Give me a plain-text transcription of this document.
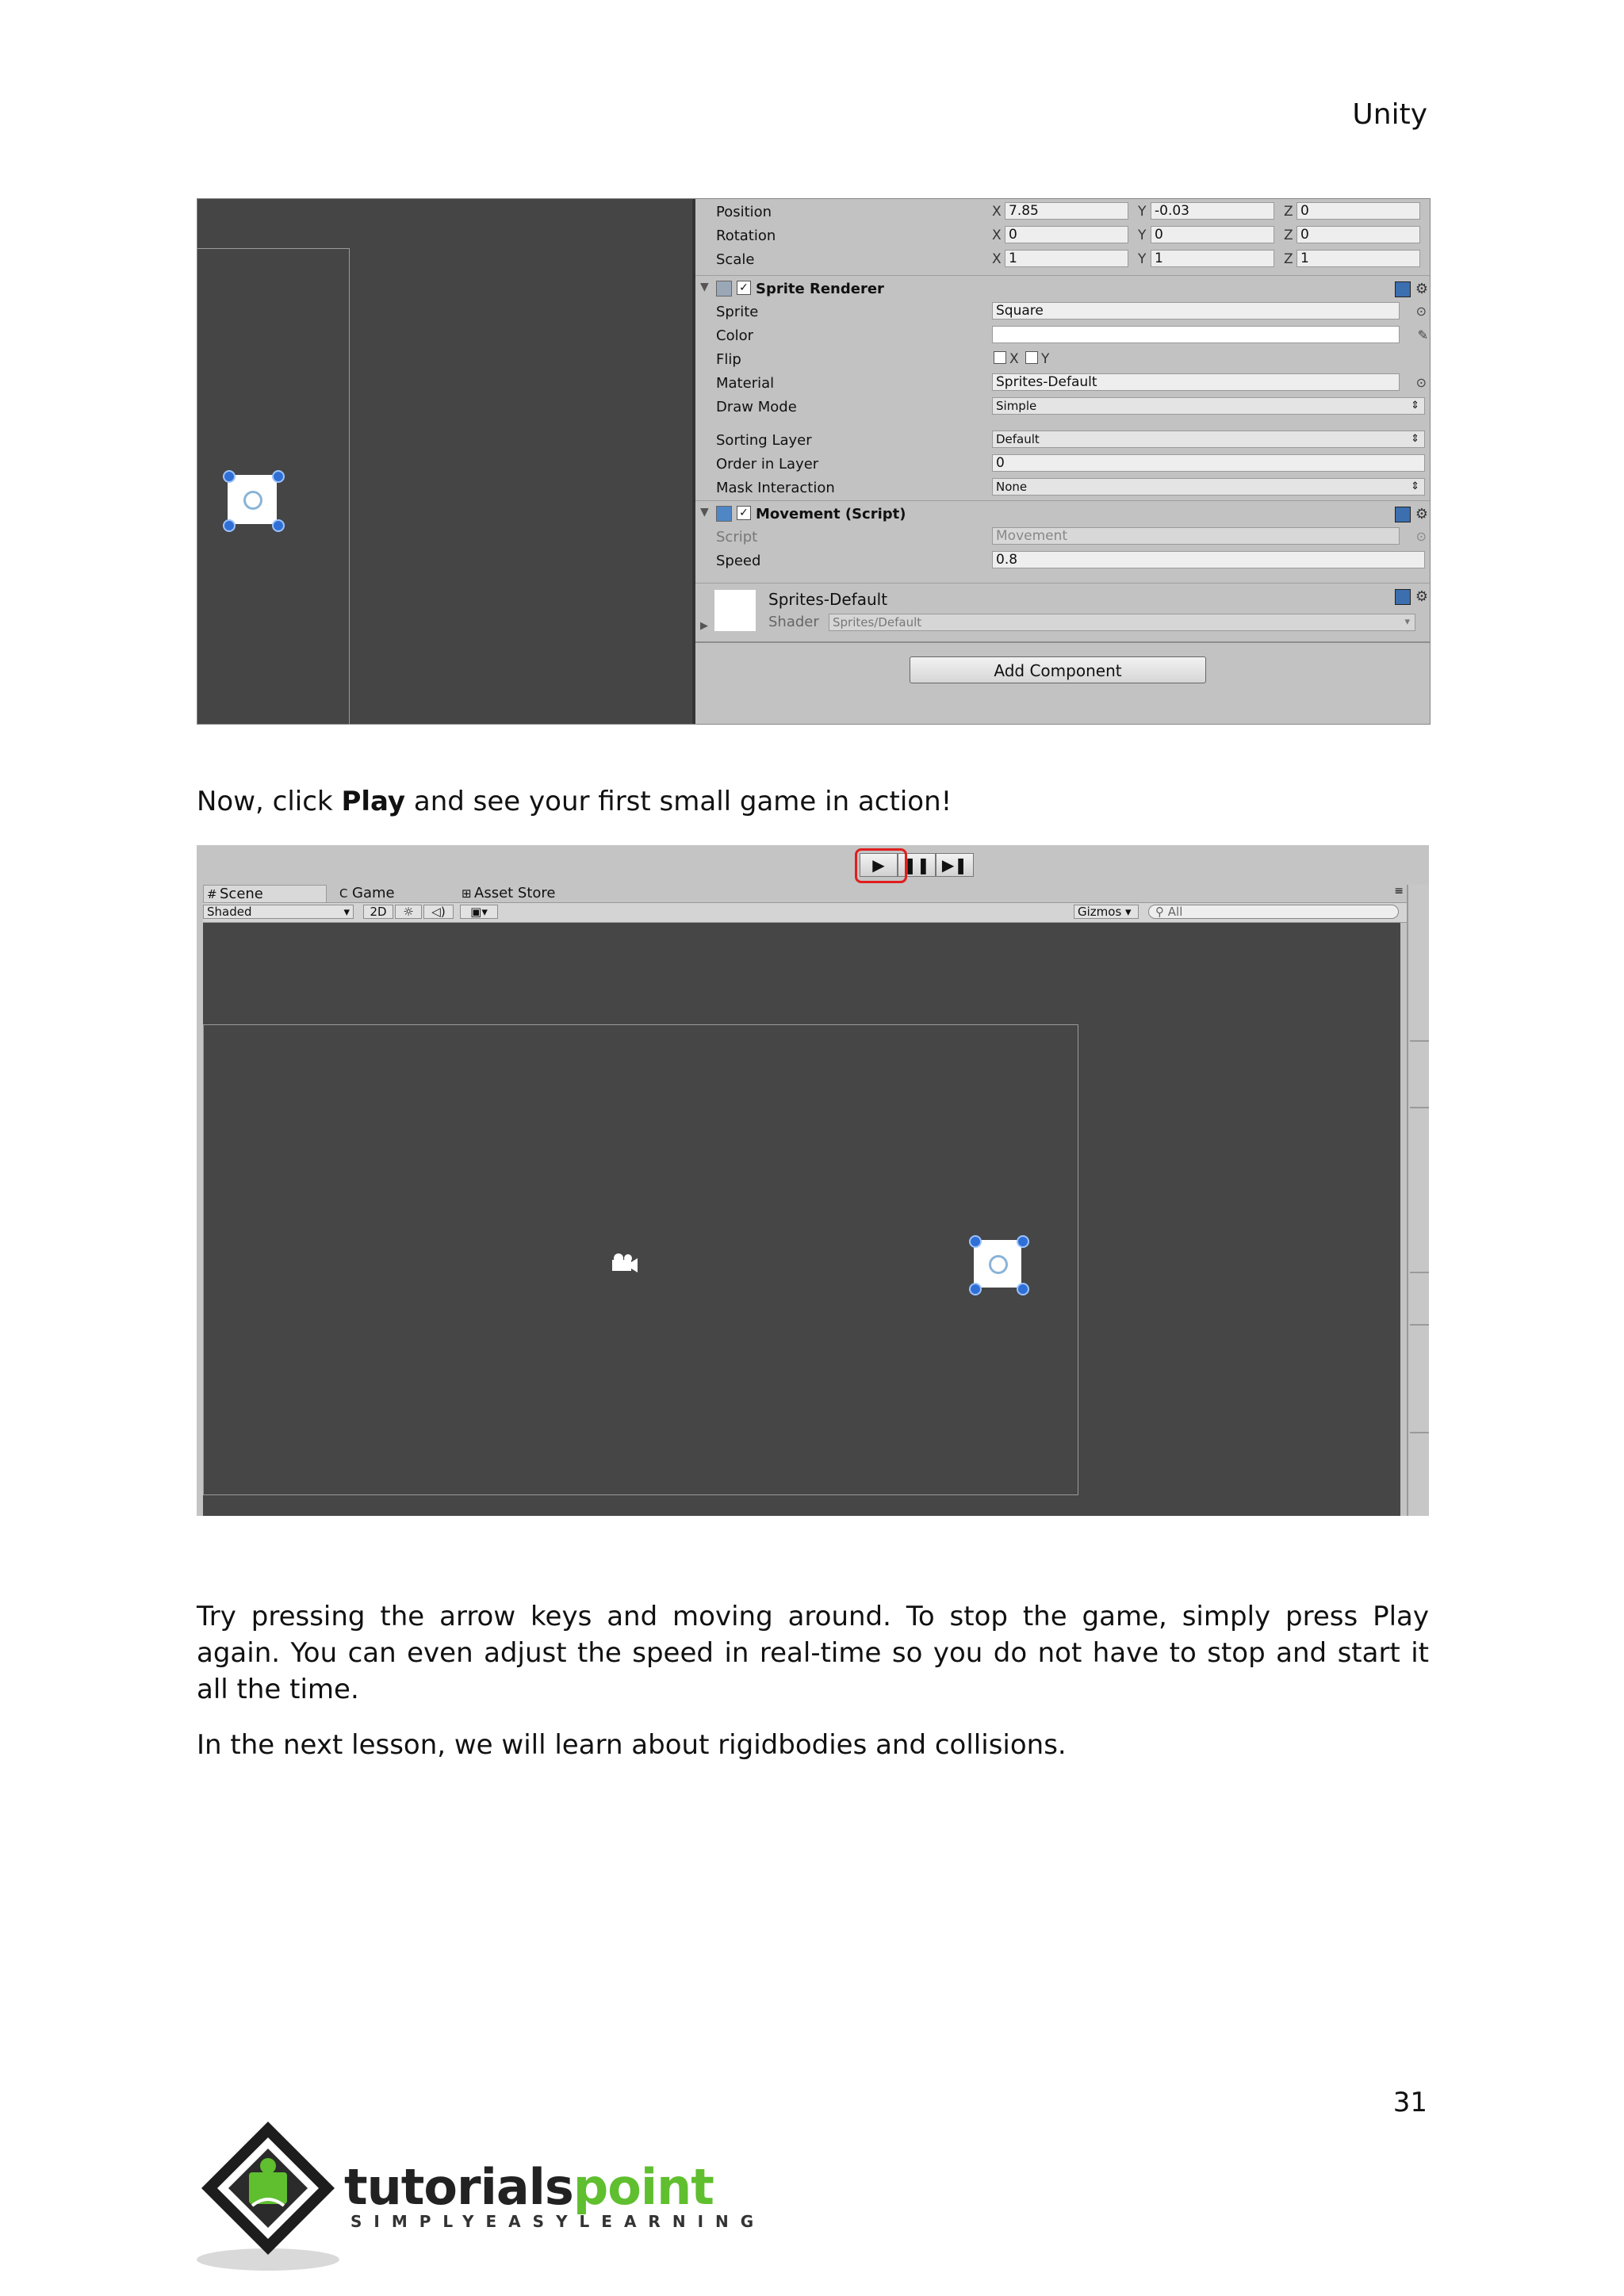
Unity
Position	X 7.85	Y -0.03	Z 0
Rotation	X 0	Y 0	Z 0
Scale	X 1	Y 1	Z 1
▼	✓ Sprite Renderer	⚙
Sprite	Square	⊙
Color	✎
Flip	X Y
Material	Sprites-Default	⊙
Draw Mode	Simple	⇕
Sorting Layer	Default	⇕
Order in Layer	0
Mask Interaction	None	⇕
▼	✓ Movement (Script)	⚙
Script	Movement	⊙
Speed	0.8
▶
Sprites-Default
Shader	Sprites/Default	▾
⚙
Add Component
Now, click Play and see your first small game in action!
▶	❚❚ ▶❚
# Scene	C Game	⊞ Asset Store	≡
Shaded	▾	2D	☼	◁)	▣▾	Gizmos ▾	⚲ All
Try pressing the arrow keys and moving around. To stop the game, simply press Play again. You can even adjust the speed in real-time so you do not have to stop and start it all the time.
In the next lesson, we will learn about rigidbodies and collisions.
31
tutorialspoint
SIMPLYEASYLEARNING
